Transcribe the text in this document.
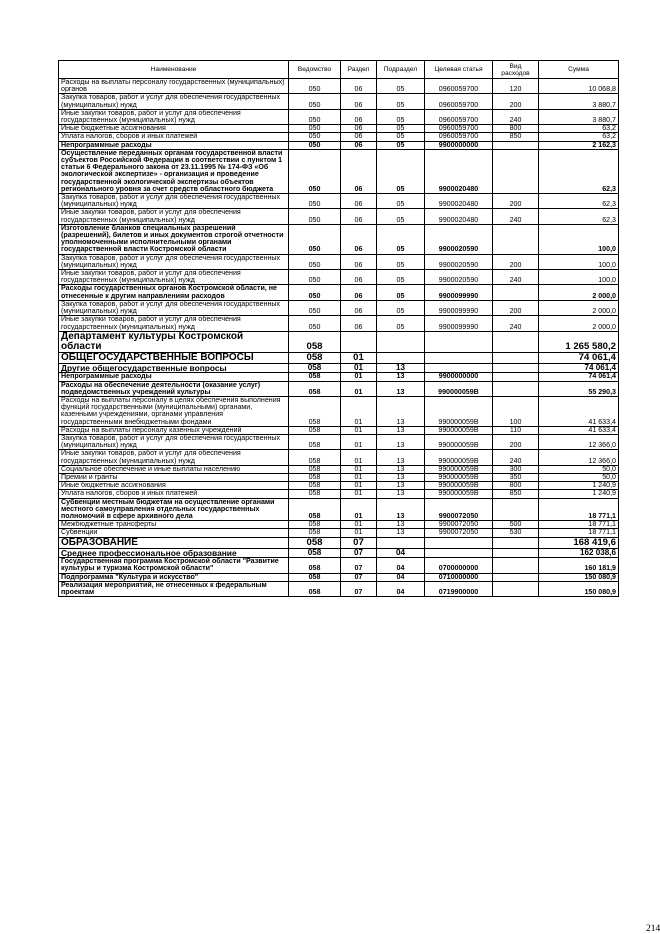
Наименование	Ведомство	Раздел	Подраздел	Целевая статья	Вид расходов	Сумма
Расходы на выплаты персоналу государственных (муниципальных) органов	050	06	05	0960059700	120	10 068,8
Закупка товаров, работ и услуг для обеспечения государственных (муниципальных) нужд	050	06	05	0960059700	200	3 880,7
Иные закупки товаров, работ и услуг для обеспечения государственных (муниципальных) нужд	050	06	05	0960059700	240	3 880,7
Иные бюджетные ассигнования	050	06	05	0960059700	800	63,2
Уплата налогов, сборов и иных платежей	050	06	05	0960059700	850	63,2
Непрограммные расходы	050	06	05	9900000000		2 162,3
Осуществление переданных органам государственной власти субъектов Российской Федерации в соответствии с пунктом 1 статьи 6 Федерального закона от 23.11.1995 № 174-ФЗ «Об экологической экспертизе» - организация и проведение государственной экологической экспертизы объектов регионального уровня за счет средств областного бюджета	050	06	05	9900020480		62,3
Закупка товаров, работ и услуг для обеспечения государственных (муниципальных) нужд	050	06	05	9900020480	200	62,3
Иные закупки товаров, работ и услуг для обеспечения государственных (муниципальных) нужд	050	06	05	9900020480	240	62,3
Изготовление бланков специальных разрешений (разрешений), билетов и иных документов строгой отчетности уполномоченными исполнительными органами государственной власти Костромской области	050	06	05	9900020590		100,0
Закупка товаров, работ и услуг для обеспечения государственных (муниципальных) нужд	050	06	05	9900020590	200	100,0
Иные закупки товаров, работ и услуг для обеспечения государственных (муниципальных) нужд	050	06	05	9900020590	240	100,0
Расходы государственных органов Костромской области, не отнесенные к другим направлениям расходов	050	06	05	9900099990		2 000,0
Закупка товаров, работ и услуг для обеспечения государственных (муниципальных) нужд	050	06	05	9900099990	200	2 000,0
Иные закупки товаров, работ и услуг для обеспечения государственных (муниципальных) нужд	050	06	05	9900099990	240	2 000,0
Департамент культуры Костромской области	058					1 265 580,2
ОБЩЕГОСУДАРСТВЕННЫЕ ВОПРОСЫ	058	01				74 061,4
Другие общегосударственные вопросы	058	01	13			74 061,4
Непрограммные расходы	058	01	13	9900000000		74 061,4
Расходы на обеспечение деятельности (оказание услуг) подведомственных учреждений культуры	058	01	13	990000059B		55 290,3
Расходы на выплаты персоналу в целях обеспечения выполнения функций государственными (муниципальными) органами, казенными учреждениями, органами управления государственными внебюджетными фондами	058	01	13	990000059B	100	41 633,4
Расходы на выплаты персоналу казенных учреждений	058	01	13	990000059B	110	41 633,4
Закупка товаров, работ и услуг для обеспечения государственных (муниципальных) нужд	058	01	13	990000059B	200	12 366,0
Иные закупки товаров, работ и услуг для обеспечения государственных (муниципальных) нужд	058	01	13	990000059B	240	12 366,0
Социальное обеспечение и иные выплаты населению	058	01	13	990000059B	300	50,0
Премии и гранты	058	01	13	990000059B	350	50,0
Иные бюджетные ассигнования	058	01	13	990000059B	800	1 240,9
Уплата налогов, сборов и иных платежей	058	01	13	990000059B	850	1 240,9
Субвенции местным бюджетам на осуществление органами местного самоуправления отдельных государственных полномочий в сфере архивного дела	058	01	13	9900072050		18 771,1
Межбюджетные трансферты	058	01	13	9900072050	500	18 771,1
Субвенции	058	01	13	9900072050	530	18 771,1
ОБРАЗОВАНИЕ	058	07				168 419,6
Среднее профессиональное образование	058	07	04			162 038,6
Государственная программа Костромской области "Развитие культуры и туризма Костромской области"	058	07	04	0700000000		160 181,9
Подпрограмма "Культура и искусство"	058	07	04	0710000000		150 080,9
Реализация мероприятий, не отнесенных к федеральным проектам	058	07	04	0719900000		150 080,9
214
